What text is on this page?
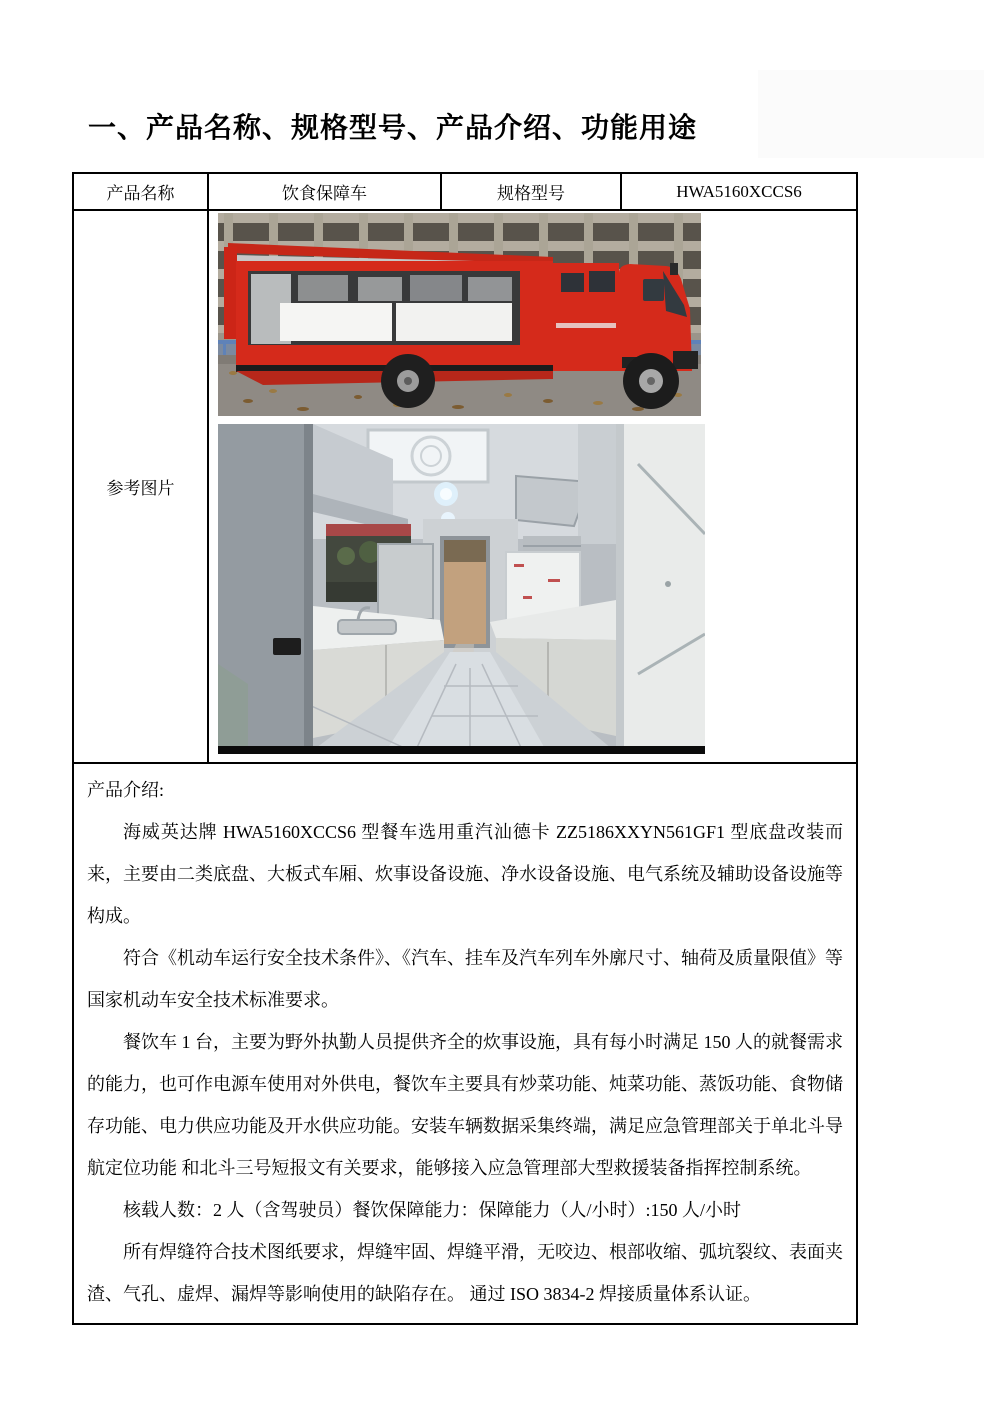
一、产品名称、规格型号、产品介绍、功能用途
产品名称	饮食保障车	规格型号	HWA5160XCCS6
参考图片	

产品介绍:

海威英达牌 HWA5160XCCS6 型餐车选用重汽汕德卡 ZZ5186XXYN561GF1 型底盘改装而来，主要由二类底盘、大板式车厢、炊事设备设施、净水设备设施、电气系统及辅助设备设施等构成。

符合《机动车运行安全技术条件》、《汽车、挂车及汽车列车外廓尺寸、轴荷及质量限值》等国家机动车安全技术标准要求。

餐饮车 1 台，主要为野外执勤人员提供齐全的炊事设施，具有每小时满足 150 人的就餐需求的能力，也可作电源车使用对外供电，餐饮车主要具有炒菜功能、炖菜功能、蒸饭功能、食物储存功能、电力供应功能及开水供应功能。安装车辆数据采集终端，满足应急管理部关于单北斗导航定位功能 和北斗三号短报文有关要求，能够接入应急管理部大型救援装备指挥控制系统。

核载人数：2 人（含驾驶员）餐饮保障能力：保障能力（人/小时）:150 人/小时

所有焊缝符合技术图纸要求，焊缝牢固、焊缝平滑，无咬边、根部收缩、弧坑裂纹、表面夹渣、气孔、虚焊、漏焊等影响使用的缺陷存在。 通过 ISO 3834-2 焊接质量体系认证。
